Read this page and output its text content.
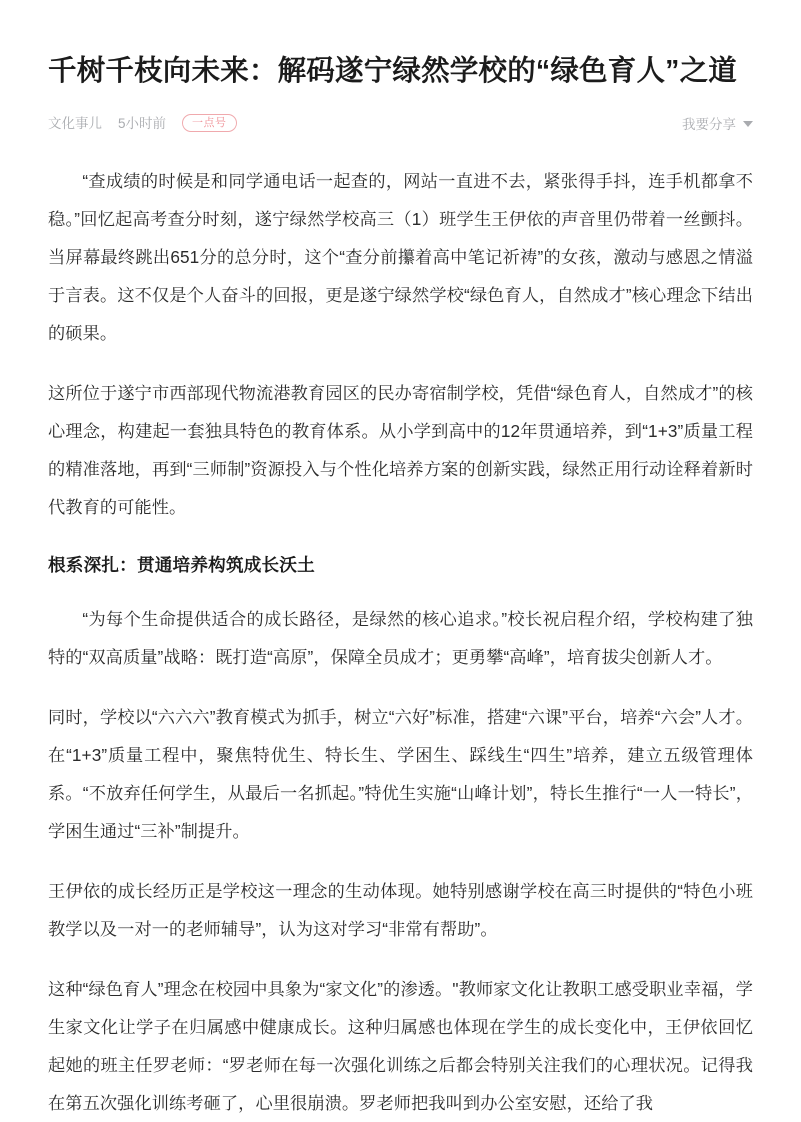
千树千枝向未来：解码遂宁绿然学校的“绿色育人”之道
文化事儿 5小时前	一点号	我要分享

“查成绩的时候是和同学通电话一起查的，网站一直进不去，紧张得手抖，连手机都拿不稳。”回忆起高考查分时刻，遂宁绿然学校高三（1）班学生王伊依的声音里仍带着一丝颤抖。当屏幕最终跳出651分的总分时，这个“查分前攥着高中笔记祈祷”的女孩，激动与感恩之情溢于言表。这不仅是个人奋斗的回报，更是遂宁绿然学校“绿色育人，自然成才”核心理念下结出的硕果。

这所位于遂宁市西部现代物流港教育园区的民办寄宿制学校，凭借“绿色育人，自然成才”的核心理念，构建起一套独具特色的教育体系。从小学到高中的12年贯通培养，到“1+3”质量工程的精准落地，再到“三师制”资源投入与个性化培养方案的创新实践，绿然正用行动诠释着新时代教育的可能性。

根系深扎：贯通培养构筑成长沃土

“为每个生命提供适合的成长路径，是绿然的核心追求。”校长祝启程介绍，学校构建了独特的“双高质量”战略：既打造“高原”，保障全员成才；更勇攀“高峰”，培育拔尖创新人才。

同时，学校以“六六六”教育模式为抓手，树立“六好”标准，搭建“六课”平台，培养“六会”人才。在“1+3”质量工程中，聚焦特优生、特长生、学困生、踩线生“四生”培养，建立五级管理体系。“不放弃任何学生，从最后一名抓起。”特优生实施“山峰计划”，特长生推行“一人一特长”，学困生通过“三补”制提升。

王伊依的成长经历正是学校这一理念的生动体现。她特别感谢学校在高三时提供的“特色小班教学以及一对一的老师辅导”，认为这对学习“非常有帮助”。

这种“绿色育人”理念在校园中具象为“家文化”的渗透。"教师家文化让教职工感受职业幸福，学生家文化让学子在归属感中健康成长。这种归属感也体现在学生的成长变化中，王伊依回忆起她的班主任罗老师：“罗老师在每一次强化训练之后都会特别关注我们的心理状况。记得我在第五次强化训练考砸了，心里很崩溃。罗老师把我叫到办公室安慰，还给了我
